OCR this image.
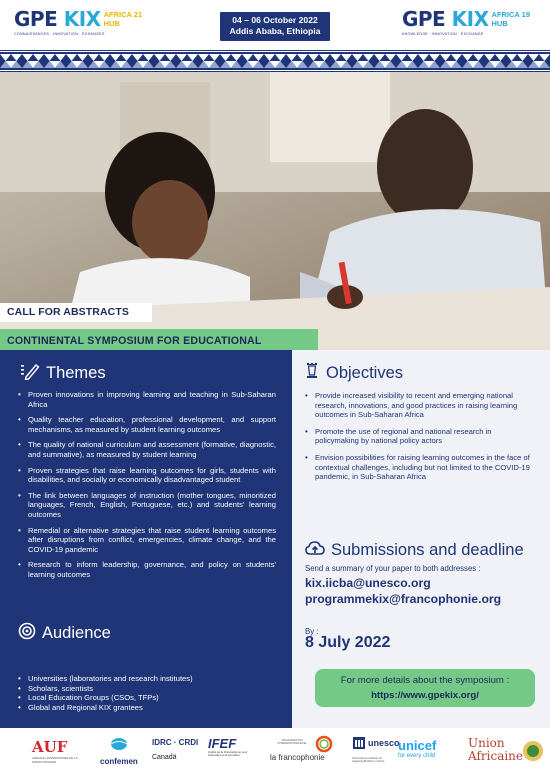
GPE KIX AFRICA 21
HUB
CONNAISSANCES · INNOVATION · ÉCHANGES
04 – 06 October 2022
Addis Ababa, Ethiopia	GPE KIX AFRICA 19
HUB
KNOWLEDGE · INNOVATION · EXCHANGE
CALL FOR ABSTRACTS
CONTINENTAL SYMPOSIUM FOR EDUCATIONAL
Themes
• Proven innovations in improving learning and teaching in Sub-Saharan Africa
• Quality teacher education, professional development, and support mechanisms, as measured by student learning outcomes
• The quality of national curriculum and assessment (formative, diagnostic, and summative), as measured by student learning
• Proven strategies that raise learning outcomes for girls, students with disabilities, and socially or economically disadvantaged student
• The link between languages of instruction (mother tongues, minoritized languages, French, English, Portuguese, etc.) and students' learning outcomes
• Remedial or alternative strategies that raise student learning outcomes after disruptions from conflict, emergencies, climate change, and the COVID-19 pandemic
• Research to inform leadership, governance, and policy on students' learning outcomes
Audience
• Universities (laboratories and research institutes)
• Scholars, scientists
• Local Education Groups (CSOs, TFPs)
• Global and Regional KIX grantees
Objectives
• Provide increased visibility to recent and emerging national research, innovations, and good practices in raising learning outcomes in Sub-Saharan Africa
• Promote the use of regional and national research in policymaking by national policy actors
• Envision possibilities for raising learning outcomes in the face of contextual challenges, including but not limited to the COVID-19 pandemic, in Sub-Saharan Africa
Submissions and deadline
Send a summary of your paper to both addresses :
kix.iicba@unesco.org
programmekix@francophonie.org
By :
8 July 2022
For more details about the symposium :
https://www.gpekix.org/
AUF
AGENCE UNIVERSITAIRE DE LA FRANCOPHONIE	confemen
IDRC · CRDI
Canadä
IFEF
Institut de la Francophonie pour l'éducation et la formation
ORGANISATION INTERNATIONALE DE
la francophonie
unesco
International Institute for Capacity Building in Africa
unicef
for every child
Union
Africaine
